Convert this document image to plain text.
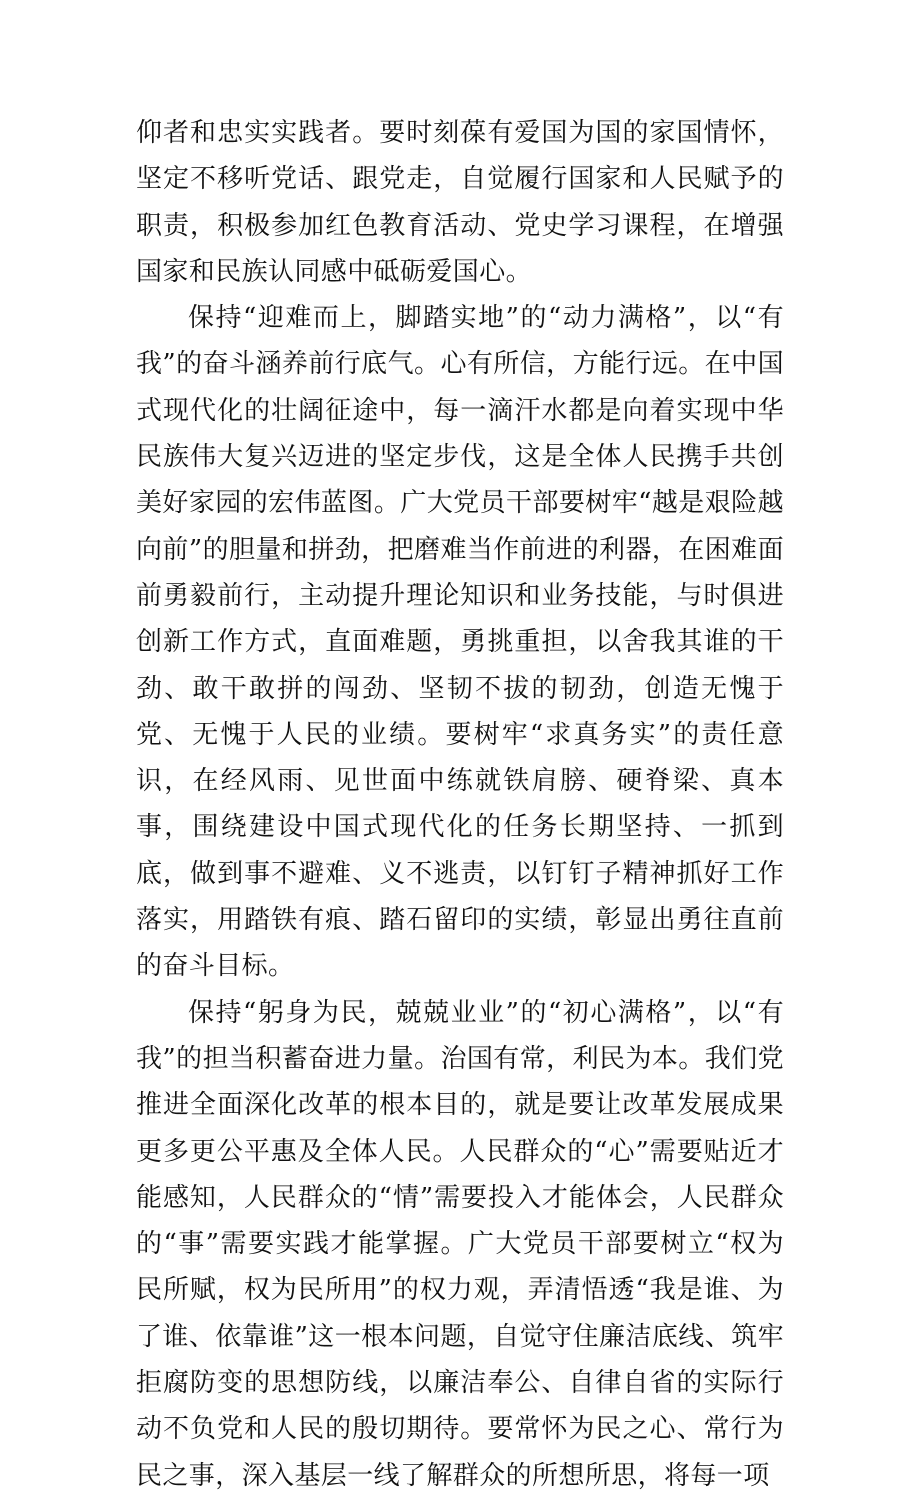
仰者和忠实实践者。要时刻葆有爱国为国的家国情怀，坚定不移听党话、跟党走，自觉履行国家和人民赋予的职责，积极参加红色教育活动、党史学习课程，在增强国家和民族认同感中砥砺爱国心。

保持“迎难而上，脚踏实地”的“动力满格”，以“有我”的奋斗涵养前行底气。心有所信，方能行远。在中国式现代化的壮阔征途中，每一滴汗水都是向着实现中华民族伟大复兴迈进的坚定步伐，这是全体人民携手共创美好家园的宏伟蓝图。广大党员干部要树牢“越是艰险越向前”的胆量和拼劲，把磨难当作前进的利器，在困难面前勇毅前行，主动提升理论知识和业务技能，与时俱进创新工作方式，直面难题，勇挑重担，以舍我其谁的干劲、敢干敢拼的闯劲、坚韧不拔的韧劲，创造无愧于党、无愧于人民的业绩。要树牢“求真务实”的责任意识，在经风雨、见世面中练就铁肩膀、硬脊梁、真本事，围绕建设中国式现代化的任务长期坚持、一抓到底，做到事不避难、义不逃责，以钉钉子精神抓好工作落实，用踏铁有痕、踏石留印的实绩，彰显出勇往直前的奋斗目标。

保持“躬身为民，兢兢业业”的“初心满格”，以“有我”的担当积蓄奋进力量。治国有常，利民为本。我们党推进全面深化改革的根本目的，就是要让改革发展成果更多更公平惠及全体人民。人民群众的“心”需要贴近才能感知，人民群众的“情”需要投入才能体会，人民群众的“事”需要实践才能掌握。广大党员干部要树立“权为民所赋，权为民所用”的权力观，弄清悟透“我是谁、为了谁、依靠谁”这一根本问题，自觉守住廉洁底线、筑牢拒腐防变的思想防线，以廉洁奉公、自律自省的实际行动不负党和人民的殷切期待。要常怀为民之心、常行为民之事，深入基层一线了解群众的所想所思，将每一项
